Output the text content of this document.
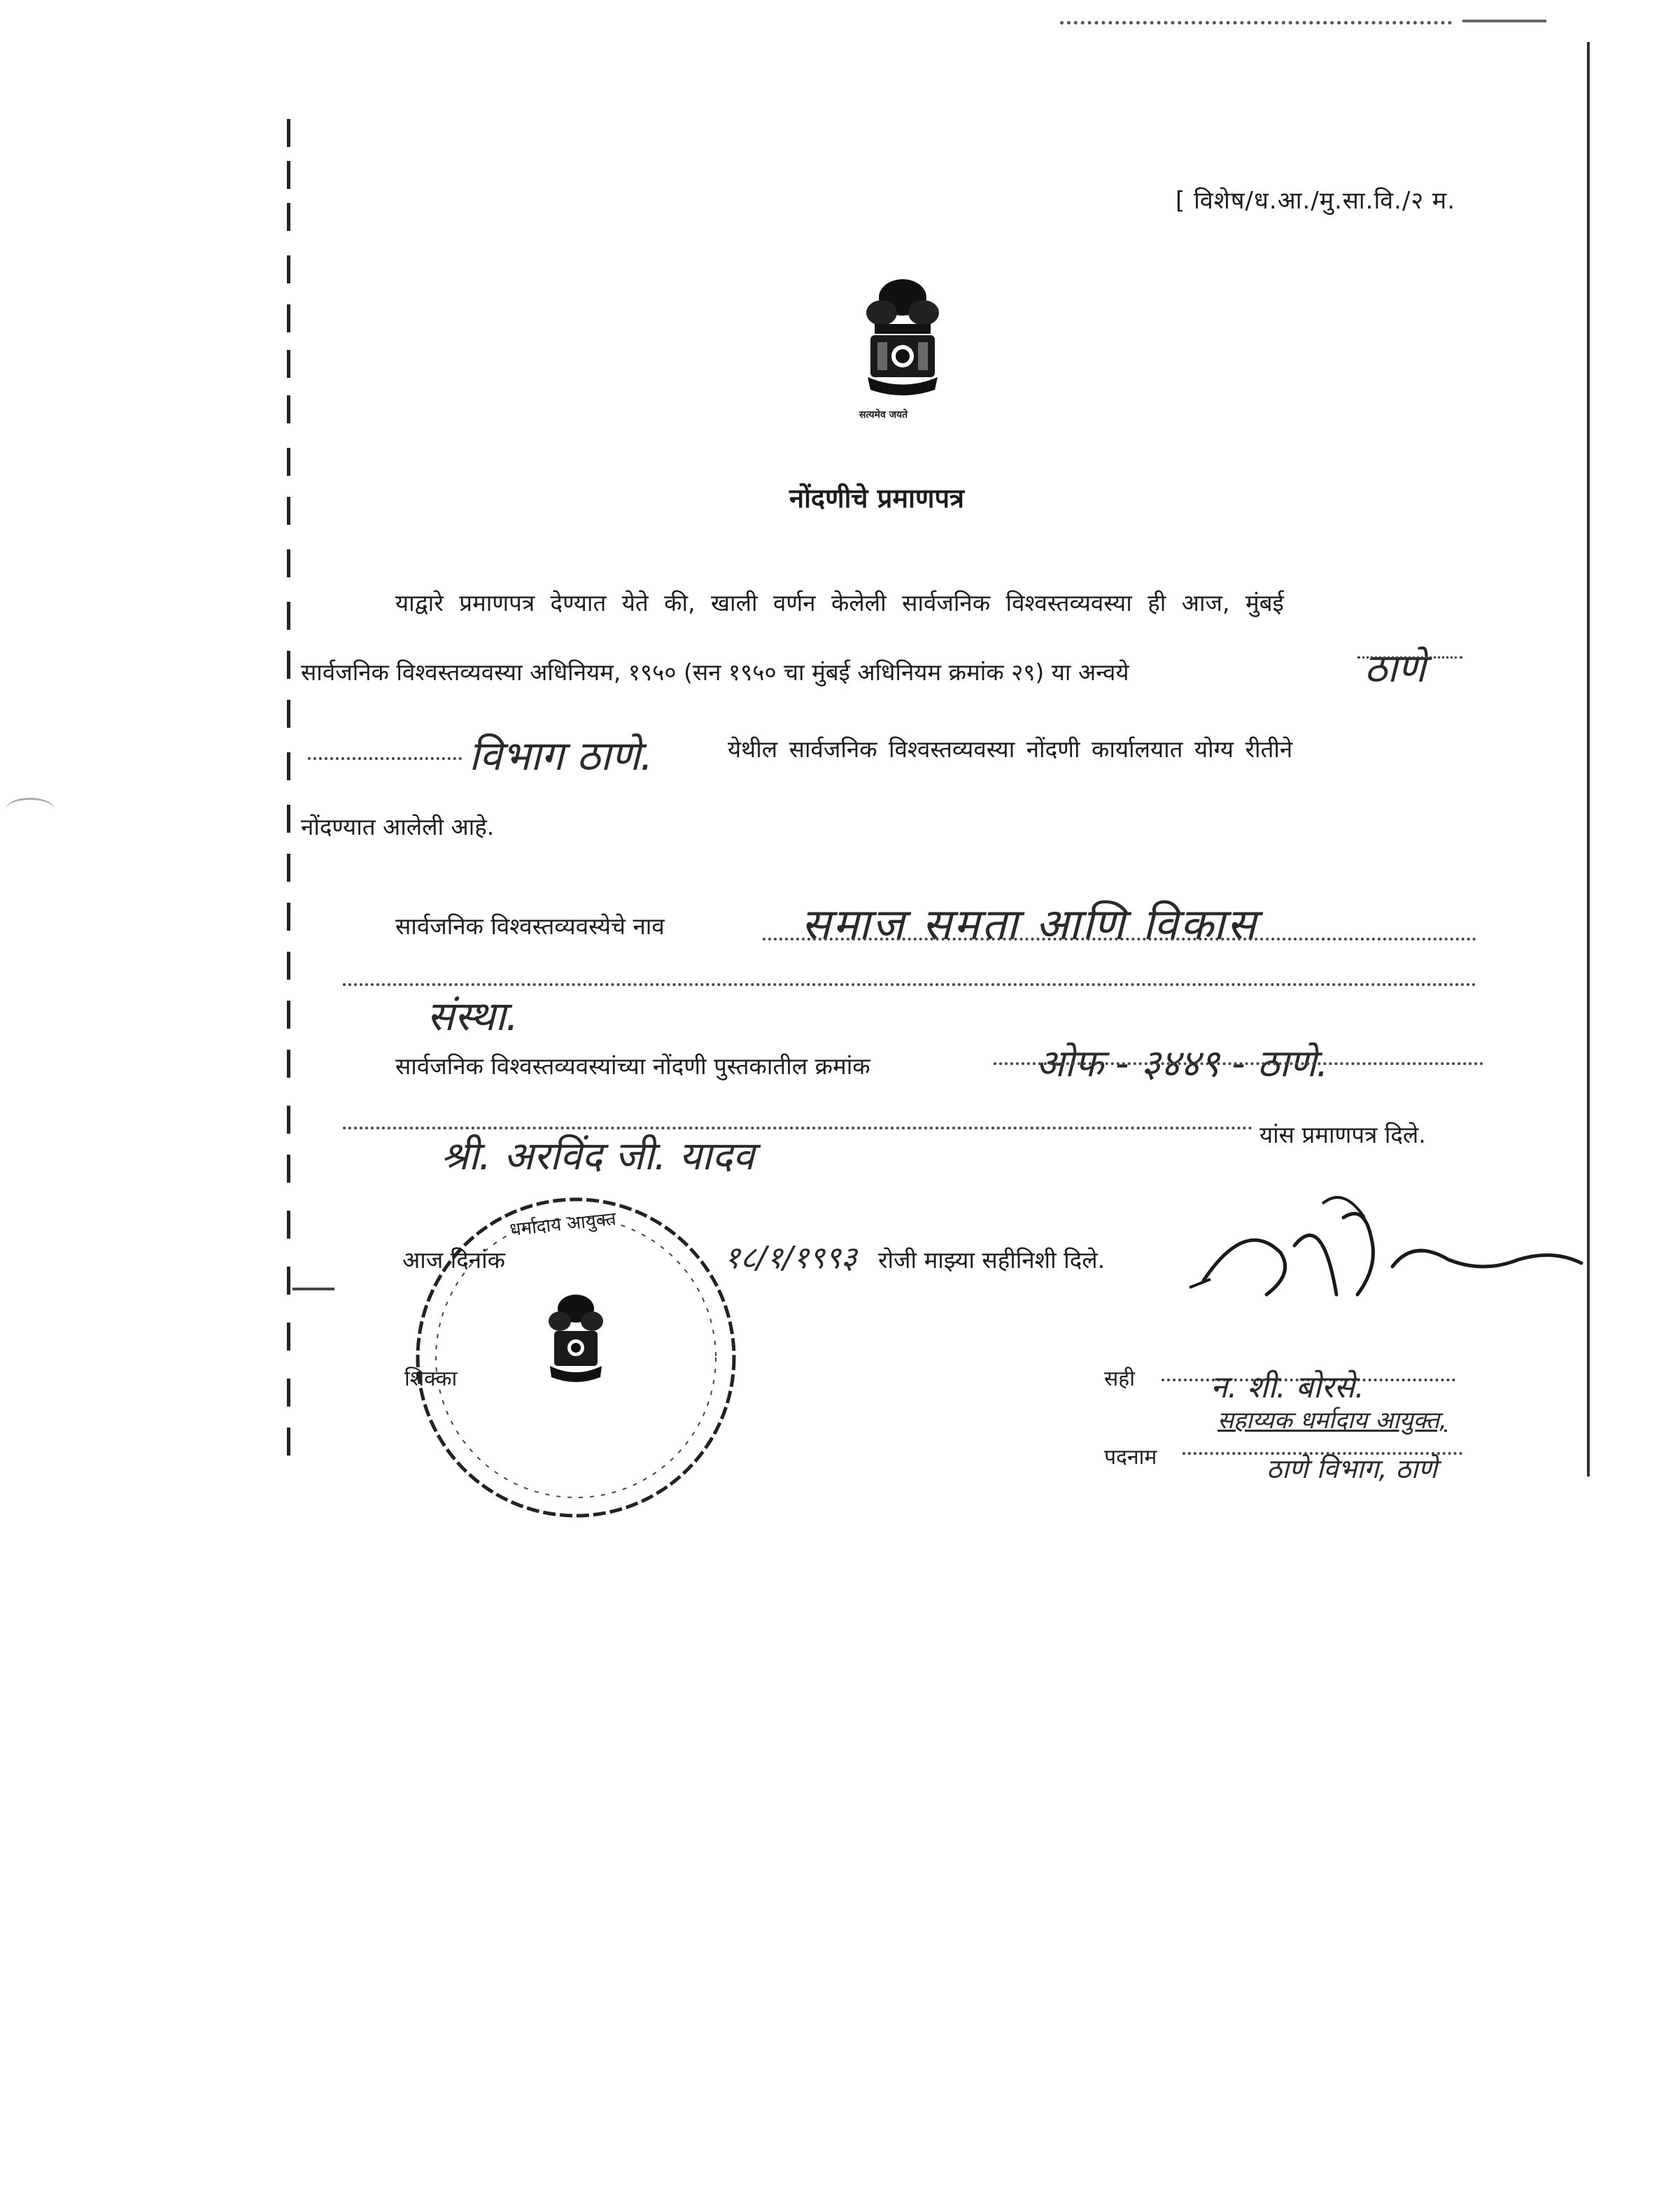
[ विशेष/ध.आ./मु.सा.वि./२ म.
सत्यमेव जयते
नोंदणीचे प्रमाणपत्र
याद्वारे प्रमाणपत्र देण्यात येते की, खाली वर्णन केलेली सार्वजनिक विश्वस्तव्यवस्या ही आज, मुंबई
सार्वजनिक विश्वस्तव्यवस्या अधिनियम, १९५० (सन १९५० चा मुंबई अधिनियम क्रमांक २९) या अन्वये	ठाणे
विभाग ठाणे.	येथील सार्वजनिक विश्वस्तव्यवस्या नोंदणी कार्यालयात योग्य रीतीने
नोंदण्यात आलेली आहे.
सार्वजनिक विश्वस्तव्यवस्येचे नाव	समाज समता आणि विकास
संस्था.
सार्वजनिक विश्वस्तव्यवस्यांच्या नोंदणी पुस्तकातील क्रमांक	ओफ - ३४४९ - ठाणे.
श्री. अरविंद जी. यादव	यांस प्रमाणपत्र दिले.
आज दिनांक	१८/१/१९९३ रोजी माझ्या सहीनिशी दिले.
धर्मादाय आयुक्त
शिक्का	सही न. शी. बोरसे.
सहाय्यक धर्मादाय आयुक्त,
पदनाम	ठाणे विभाग, ठाणे
